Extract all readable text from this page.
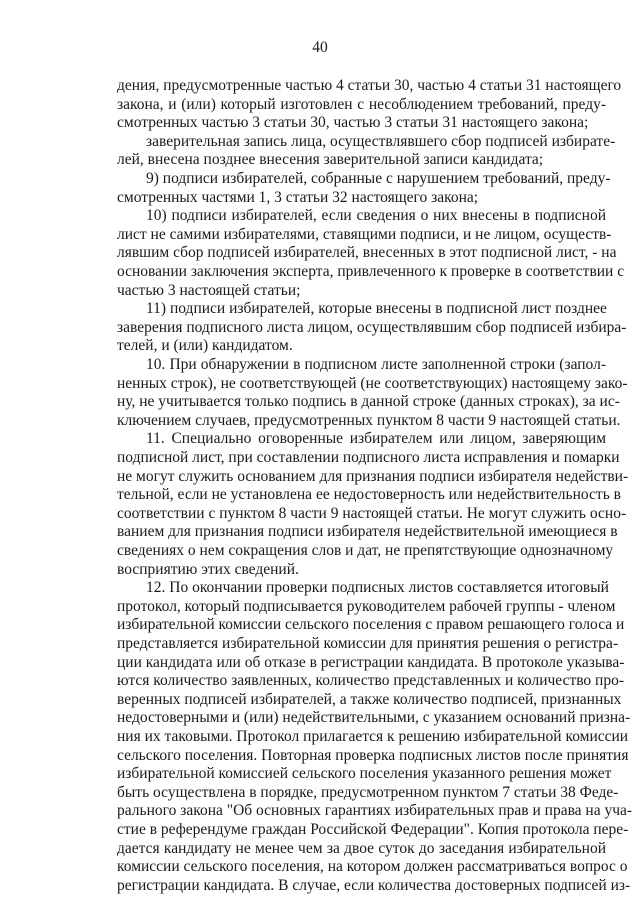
40
дения, предусмотренные частью 4 статьи 30, частью 4 статьи 31 настоящего
закона, и (или) который изготовлен с несоблюдением требований, преду-
смотренных частью 3 статьи 30, частью 3 статьи 31 настоящего закона;
заверительная запись лица, осуществлявшего сбор подписей избирате-
лей, внесена позднее внесения заверительной записи кандидата;
9) подписи избирателей, собранные с нарушением требований, преду-
смотренных частями 1, 3 статьи 32 настоящего закона;
10) подписи избирателей, если сведения о них внесены в подписной
лист не самими избирателями, ставящими подписи, и не лицом, осуществ-
лявшим сбор подписей избирателей, внесенных в этот подписной лист, - на
основании заключения эксперта, привлеченного к проверке в соответствии с
частью 3 настоящей статьи;
11) подписи избирателей, которые внесены в подписной лист позднее
заверения подписного листа лицом, осуществлявшим сбор подписей избира-
телей, и (или) кандидатом.
10. При обнаружении в подписном листе заполненной строки (запол-
ненных строк), не соответствующей (не соответствующих) настоящему зако-
ну, не учитывается только подпись в данной строке (данных строках), за ис-
ключением случаев, предусмотренных пунктом 8 части 9 настоящей статьи.
11. Специально оговоренные избирателем или лицом, заверяющим
подписной лист, при составлении подписного листа исправления и помарки
не могут служить основанием для признания подписи избирателя недействи-
тельной, если не установлена ее недостоверность или недействительность в
соответствии с пунктом 8 части 9 настоящей статьи. Не могут служить осно-
ванием для признания подписи избирателя недействительной имеющиеся в
сведениях о нем сокращения слов и дат, не препятствующие однозначному
восприятию этих сведений.
12. По окончании проверки подписных листов составляется итоговый
протокол, который подписывается руководителем рабочей группы - членом
избирательной комиссии сельского поселения с правом решающего голоса и
представляется избирательной комиссии для принятия решения о регистра-
ции кандидата или об отказе в регистрации кандидата. В протоколе указыва-
ются количество заявленных, количество представленных и количество про-
веренных подписей избирателей, а также количество подписей, признанных
недостоверными и (или) недействительными, с указанием оснований призна-
ния их таковыми. Протокол прилагается к решению избирательной комиссии
сельского поселения. Повторная проверка подписных листов после принятия
избирательной комиссией сельского поселения указанного решения может
быть осуществлена в порядке, предусмотренном пунктом 7 статьи 38 Феде-
рального закона "Об основных гарантиях избирательных прав и права на уча-
стие в референдуме граждан Российской Федерации". Копия протокола пере-
дается кандидату не менее чем за двое суток до заседания избирательной
комиссии сельского поселения, на котором должен рассматриваться вопрос о
регистрации кандидата. В случае, если количества достоверных подписей из-
